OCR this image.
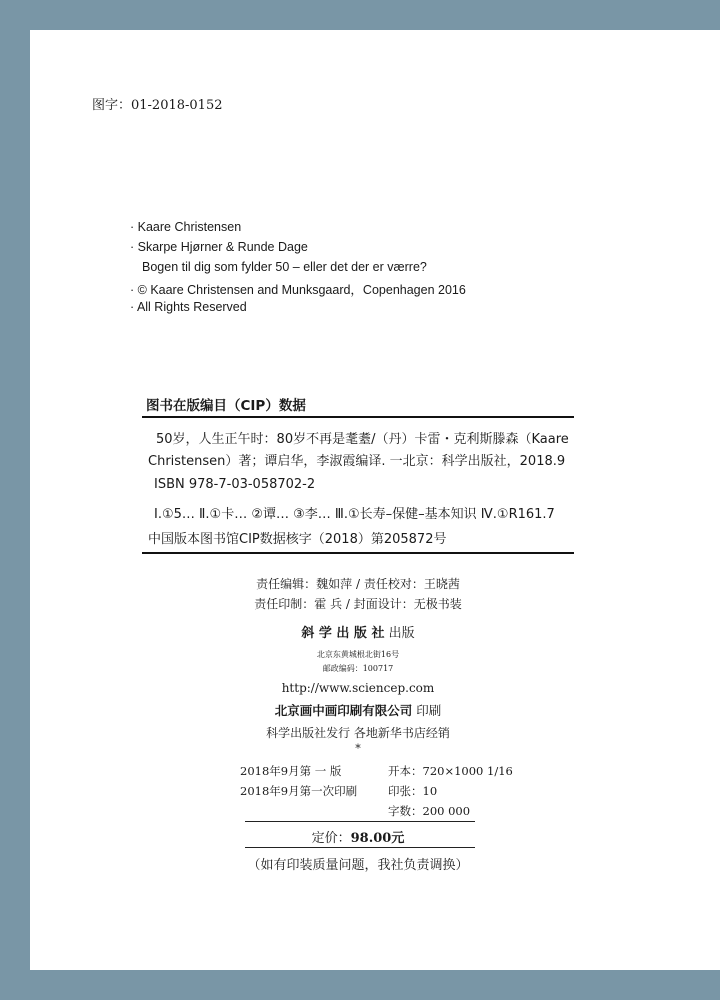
图字：01-2018-0152
· Kaare Christensen
· Skarpe Hjørner & Runde Dage
Bogen til dig som fylder 50 – eller det der er værre?
· © Kaare Christensen and Munksgaard，Copenhagen 2016
· All Rights Reserved
图书在版编目（CIP）数据
50岁，人生正午时：80岁不再是耄耋/（丹）卡雷・克利斯滕森（Kaare
Christensen）著；谭启华，李淑霞编译. 一北京：科学出版社，2018.9
ISBN 978-7-03-058702-2
Ⅰ.①5… Ⅱ.①卡… ②谭… ③李… Ⅲ.①长寿–保健–基本知识 Ⅳ.①R161.7
中国版本图书馆CIP数据核字（2018）第205872号
责任编辑：魏如萍 / 责任校对：王晓茜
责任印制：霍 兵 / 封面设计：无极书装
斜 学 出 版 社 出版
北京东黄城根北街16号
邮政编码：100717
http://www.sciencep.com
北京画中画印刷有限公司 印刷
科学出版社发行 各地新华书店经销
*
2018年9月第 一 版	开本：720×1000 1/16
2018年9月第一次印刷	印张：10
字数：200 000
定价：98.00元
（如有印装质量问题，我社负责调换）
